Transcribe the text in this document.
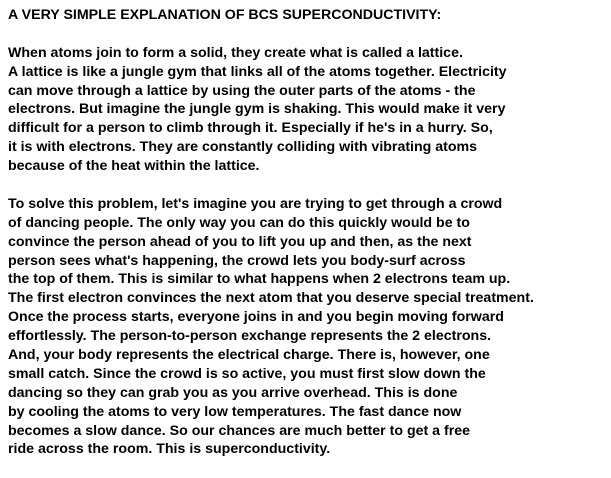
A VERY SIMPLE EXPLANATION OF BCS SUPERCONDUCTIVITY:
When atoms join to form a solid, they create what is called a lattice.
A lattice is like a jungle gym that links all of the atoms together. Electricity
can move through a lattice by using the outer parts of the atoms - the
electrons. But imagine the jungle gym is shaking. This would make it very
difficult for a person to climb through it. Especially if he's in a hurry. So,
it is with electrons. They are constantly colliding with vibrating atoms
because of the heat within the lattice.
To solve this problem, let's imagine you are trying to get through a crowd
of dancing people. The only way you can do this quickly would be to
convince the person ahead of you to lift you up and then, as the next
person sees what's happening, the crowd lets you body-surf across
the top of them. This is similar to what happens when 2 electrons team up.
The first electron convinces the next atom that you deserve special treatment.
Once the process starts, everyone joins in and you begin moving forward
effortlessly. The person-to-person exchange represents the 2 electrons.
And, your body represents the electrical charge. There is, however, one
small catch. Since the crowd is so active, you must first slow down the
dancing so they can grab you as you arrive overhead. This is done
by cooling the atoms to very low temperatures. The fast dance now
becomes a slow dance. So our chances are much better to get a free
ride across the room. This is superconductivity.
